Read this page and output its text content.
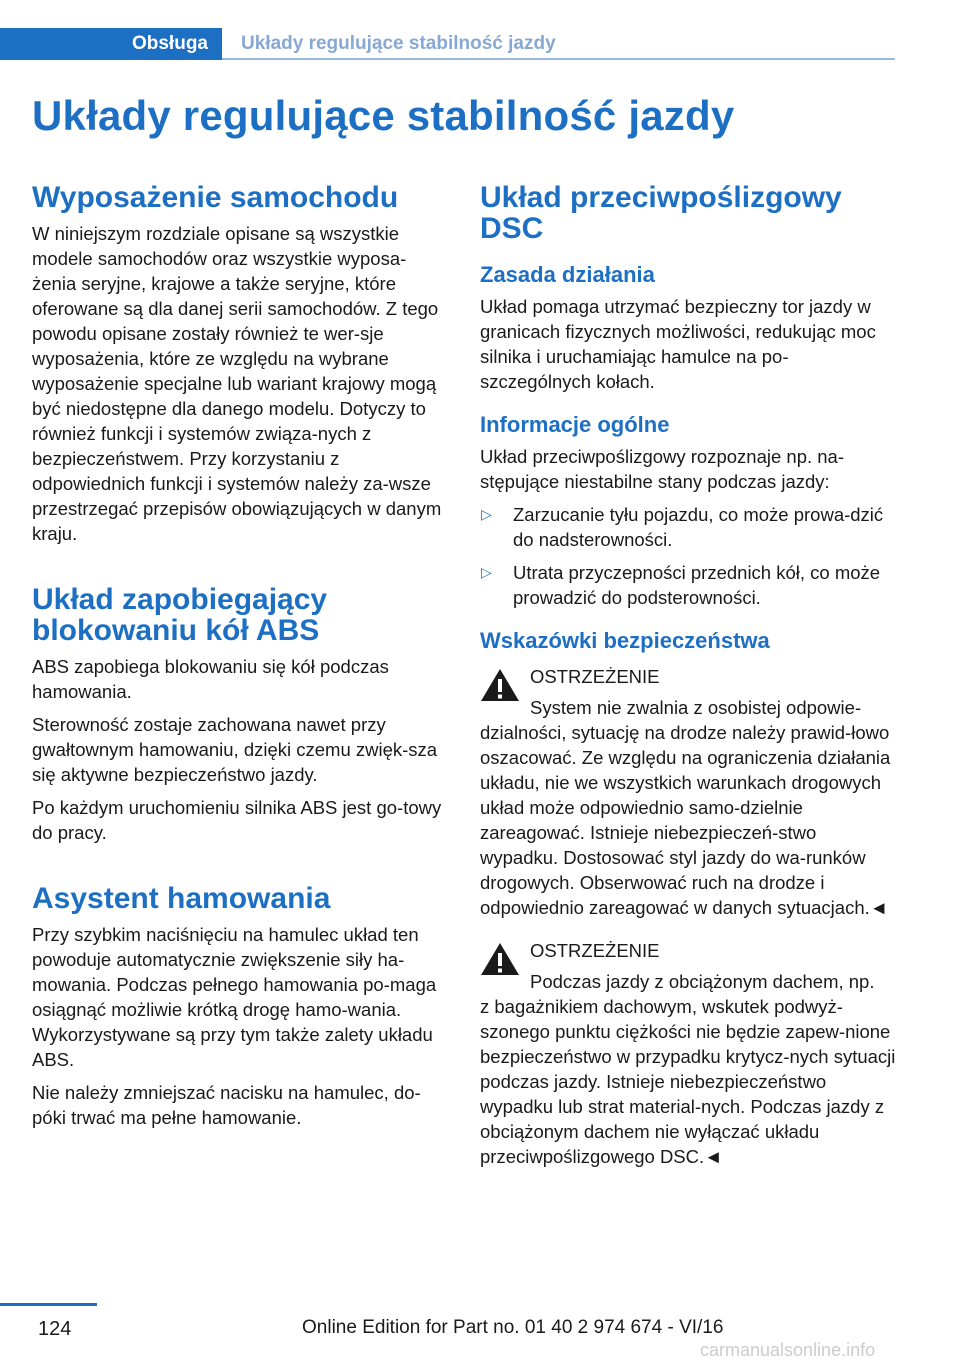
Obsługa	Układy regulujące stabilność jazdy
Układy regulujące stabilność jazdy
Wyposażenie samochodu

W niniejszym rozdziale opisane są wszystkie modele samochodów oraz wszystkie wyposa‐żenia seryjne, krajowe a także seryjne, które oferowane są dla danej serii samochodów. Z tego powodu opisane zostały również te wer‐sje wyposażenia, które ze względu na wybrane wyposażenie specjalne lub wariant krajowy mogą być niedostępne dla danego modelu. Dotyczy to również funkcji i systemów związa‐nych z bezpieczeństwem. Przy korzystaniu z odpowiednich funkcji i systemów należy za‐wsze przestrzegać przepisów obowiązujących w danym kraju.

Układ zapobiegający blokowaniu kół ABS

ABS zapobiega blokowaniu się kół podczas hamowania.

Sterowność zostaje zachowana nawet przy gwałtownym hamowaniu, dzięki czemu zwięk‐sza się aktywne bezpieczeństwo jazdy.

Po każdym uruchomieniu silnika ABS jest go‐towy do pracy.

Asystent hamowania

Przy szybkim naciśnięciu na hamulec układ ten powoduje automatycznie zwiększenie siły ha‐mowania. Podczas pełnego hamowania po‐maga osiągnąć możliwie krótką drogę hamo‐wania. Wykorzystywane są przy tym także zalety układu ABS.

Nie należy zmniejszać nacisku na hamulec, do‐póki trwać ma pełne hamowanie.

Układ przeciwpoślizgowy DSC
Zasada działania

Układ pomaga utrzymać bezpieczny tor jazdy w granicach fizycznych możliwości, redukując moc silnika i uruchamiając hamulce na po‐szczególnych kołach.

Informacje ogólne

Układ przeciwpoślizgowy rozpoznaje np. na‐stępujące niestabilne stany podczas jazdy:

▷ Zarzucanie tyłu pojazdu, co może prowa‐dzić do nadsterowności.
▷ Utrata przyczepności przednich kół, co może prowadzić do podsterowności.
Wskazówki bezpieczeństwa
OSTRZEŻENIE
System nie zwalnia z osobistej odpowie‐

dzialności, sytuację na drodze należy prawid‐łowo oszacować. Ze względu na ograniczenia działania układu, nie we wszystkich warunkach drogowych układ może odpowiednio samo‐dzielnie zareagować. Istnieje niebezpieczeń‐stwo wypadku. Dostosować styl jazdy do wa‐runków drogowych. Obserwować ruch na drodze i odpowiednio zareagować w danych sytuacjach.◄

OSTRZEŻENIE
Podczas jazdy z obciążonym dachem, np.

z bagażnikiem dachowym, wskutek podwyż‐szonego punktu ciężkości nie będzie zapew‐nione bezpieczeństwo w przypadku krytycz‐nych sytuacji podczas jazdy. Istnieje niebezpieczeństwo wypadku lub strat material‐nych. Podczas jazdy z obciążonym dachem nie wyłączać układu przeciwpoślizgowego DSC.◄

124	Online Edition for Part no. 01 40 2 974 674 - VI/16
carmanualsonline.info
